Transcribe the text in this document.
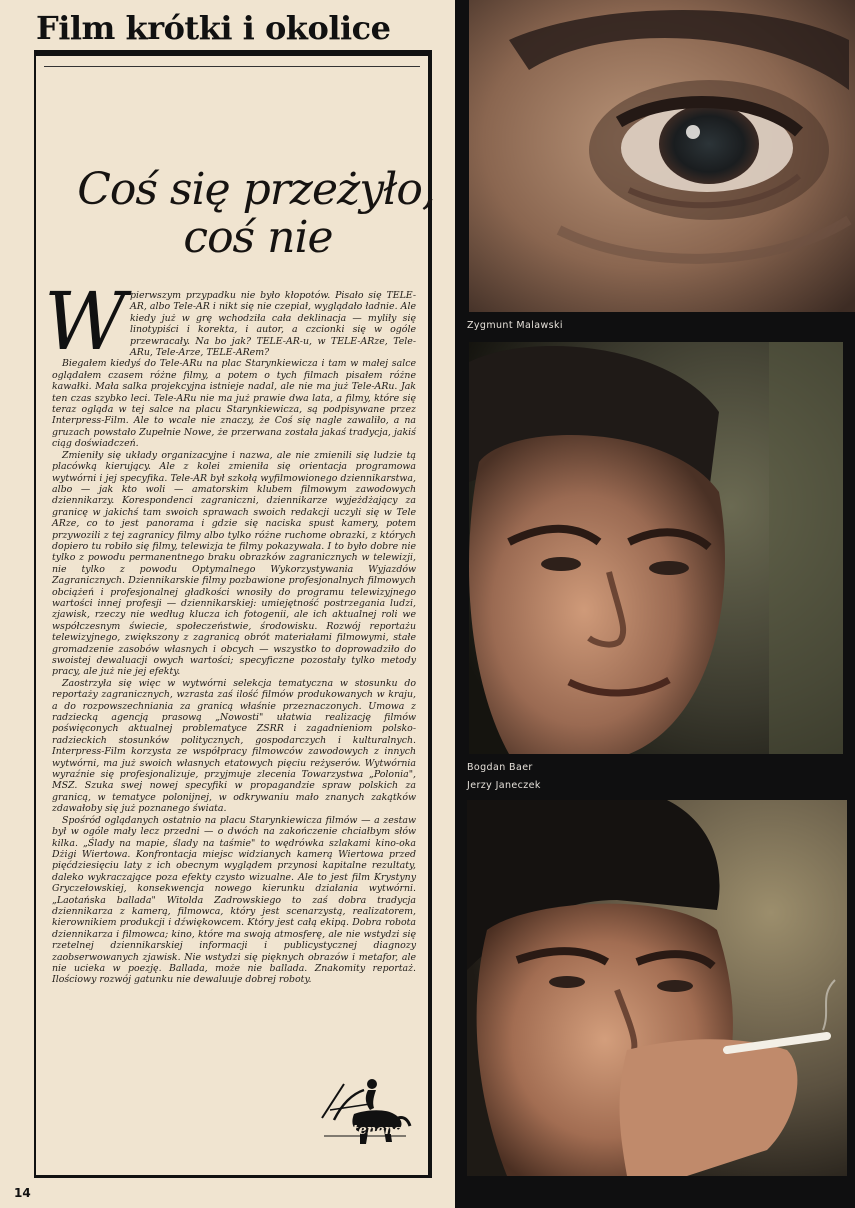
Film krótki i okolice
Coś się przeżyło,
coś nie
W pierwszym przypadku nie było kłopotów. Pisało się TELE-AR, albo Tele-AR i nikt się nie czepiał, wyglądało ładnie. Ale kiedy już w grę wchodziła cała deklinacja — myliły się linotypiści i korekta, i autor, a czcionki się w ogóle przewracały. Na bo jak? TELE-AR-u, w TELE-ARze, Tele-ARu, Tele-Arze, TELE-ARem?

Biegałem kiedyś do Tele-ARu na plac Starynkiewicza i tam w małej salce oglądałem czasem różne filmy, a potem o tych filmach pisałem różne kawałki. Mała salka projekcyjna istnieje nadal, ale nie ma już Tele-ARu. Jak ten czas szybko leci. Tele-ARu nie ma już prawie dwa lata, a filmy, które się teraz ogląda w tej salce na placu Starynkiewicza, są podpisywane przez Interpress-Film. Ale to wcale nie znaczy, że Coś się nagle zawaliło, a na gruzach powstało Zupełnie Nowe, że przerwana została jakaś tradycja, jakiś ciąg doświadczeń.

Zmieniły się układy organizacyjne i nazwa, ale nie zmienili się ludzie tą placówką kierujący. Ale z kolei zmieniła się orientacja programowa wytwórni i jej specyfika. Tele-AR był szkołą wyfilmowionego dziennikarstwa, albo — jak kto woli — amatorskim klubem filmowym zawodowych dziennikarzy. Korespondenci zagraniczni, dziennikarze wyjeżdżający za granicę w jakichś tam swoich sprawach swoich redakcji uczyli się w Tele ARze, co to jest panorama i gdzie się naciska spust kamery, potem przywozili z tej zagranicy filmy albo tylko różne ruchome obrazki, z których dopiero tu robiło się filmy, telewizja te filmy pokazywała. I to było dobre nie tylko z powodu permanentnego braku obrazków zagranicznych w telewizji, nie tylko z powodu Optymalnego Wykorzystywania Wyjazdów Zagranicznych. Dziennikarskie filmy pozbawione profesjonalnych filmowych obciążeń i profesjonalnej gładkości wnosiły do programu telewizyjnego wartości innej profesji — dziennikarskiej: umiejętność postrzegania ludzi, zjawisk, rzeczy nie według klucza ich fotogenii, ale ich aktualnej roli we współczesnym świecie, społeczeństwie, środowisku. Rozwój reportażu telewizyjnego, zwiększony z zagranicą obrót materiałami filmowymi, stałe gromadzenie zasobów własnych i obcych — wszystko to doprowadziło do swoistej dewaluacji owych wartości; specyficzne pozostały tylko metody pracy, ale już nie jej efekty.

Zaostrzyła się więc w wytwórni selekcja tematyczna w stosunku do reportaży zagranicznych, wzrasta zaś ilość filmów produkowanych w kraju, a do rozpowszechniania za granicą właśnie przeznaczonych. Umowa z radziecką agencją prasową „Nowosti" ułatwia realizację filmów poświęconych aktualnej problematyce ZSRR i zagadnieniom polsko-radzieckich stosunków politycznych, gospodarczych i kulturalnych. Interpress-Film korzysta ze współpracy filmowców zawodowych z innych wytwórni, ma już swoich własnych etatowych pięciu reżyserów. Wytwórnia wyraźnie się profesjonalizuje, przyjmuje zlecenia Towarzystwa „Polonia", MSZ. Szuka swej nowej specyfiki w propagandzie spraw polskich za granicą, w tematyce polonijnej, w odkrywaniu mało znanych zakątków zdawałoby się już poznanego świata.

Spośród oglądanych ostatnio na placu Starynkiewicza filmów — a zestaw był w ogóle mały lecz przedni — o dwóch na zakończenie chciałbym słów kilka. „Ślady na mapie, ślady na taśmie" to wędrówka szlakami kino-oka Dżigi Wiertowa. Konfrontacja miejsc widzianych kamerą Wiertowa przed pięćdziesięciu laty z ich obecnym wyglądem przynosi kapitalne rezultaty, daleko wykraczające poza efekty czysto wizualne. Ale to jest film Krystyny Gryczełowskiej, konsekwencja nowego kierunku działania wytwórni. „Laotańska ballada" Witolda Zadrowskiego to zaś dobra tradycja dziennikarza z kamerą, filmowca, który jest scenarzystą, realizatorem, kierownikiem produkcji i dźwiękowcem. Który jest całą ekipą. Dobra robota dziennikarza i filmowca; kino, które ma swoją atmosferę, ale nie wstydzi się rzetelnej dziennikarskiej informacji i publicystycznej diagnozy zaobserwowanych zjawisk. Nie wstydzi się pięknych obrazów i metafor, ale nie ucieka w poezję. Ballada, może nie ballada. Znakomity reportaż. Ilościowy rozwój gatunku nie dewaluuje dobrej roboty.

Arcitenens
14
Zygmunt Malawski
Bogdan Baer
Jerzy Janeczek
